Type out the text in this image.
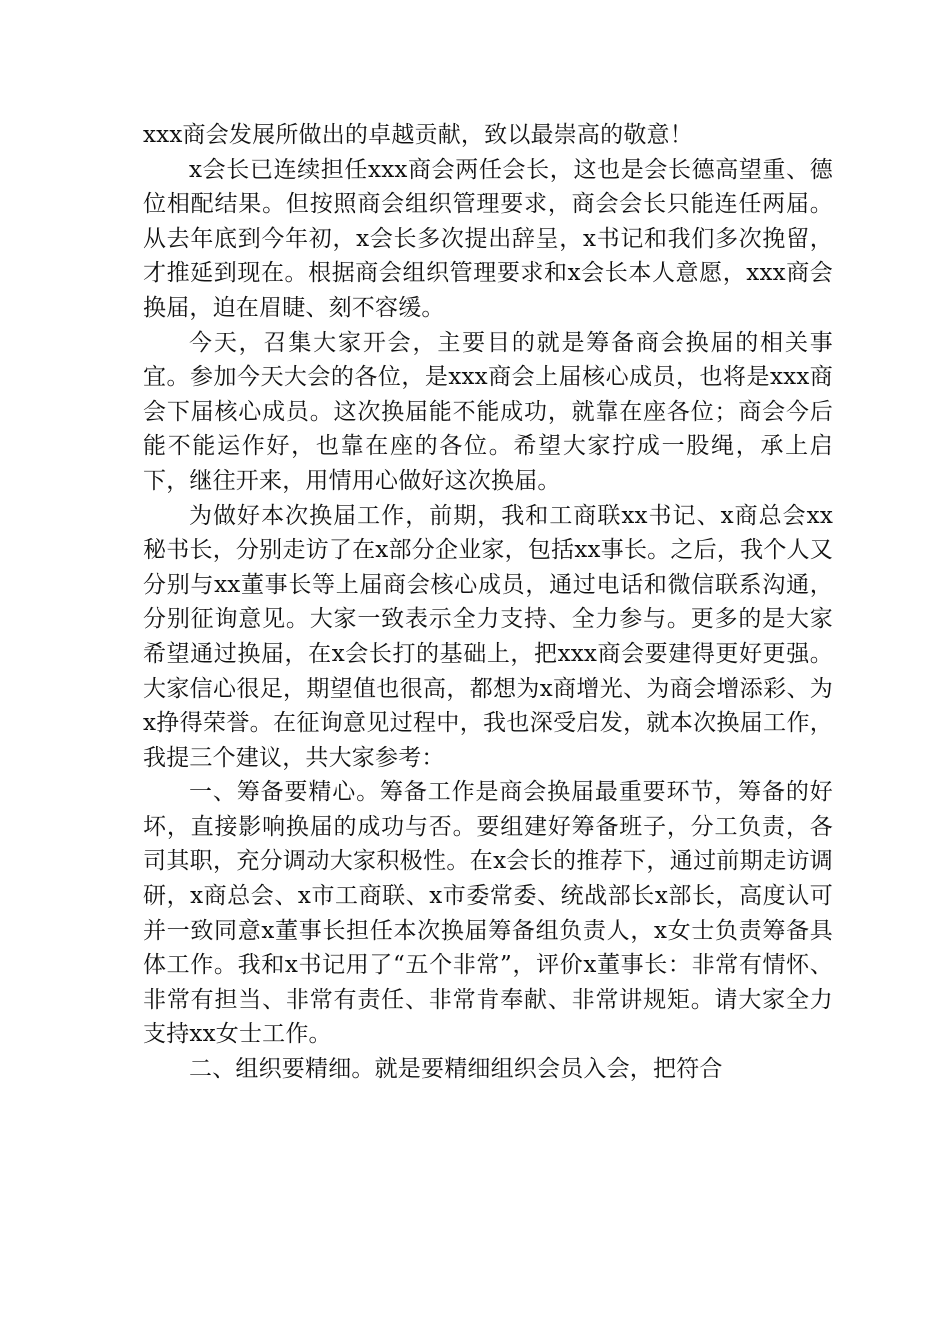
xxx商会发展所做出的卓越贡献，致以最崇高的敬意！

x会长已连续担任xxx商会两任会长，这也是会长德高望重、德位相配结果。但按照商会组织管理要求，商会会长只能连任两届。从去年底到今年初，x会长多次提出辞呈，x书记和我们多次挽留，才推延到现在。根据商会组织管理要求和x会长本人意愿，xxx商会换届，迫在眉睫、刻不容缓。

今天，召集大家开会，主要目的就是筹备商会换届的相关事宜。参加今天大会的各位，是xxx商会上届核心成员，也将是xxx商会下届核心成员。这次换届能不能成功，就靠在座各位；商会今后能不能运作好，也靠在座的各位。希望大家拧成一股绳，承上启下，继往开来，用情用心做好这次换届。

为做好本次换届工作，前期，我和工商联xx书记、x商总会xx秘书长，分别走访了在x部分企业家，包括xx事长。之后，我个人又分别与xx董事长等上届商会核心成员，通过电话和微信联系沟通，分别征询意见。大家一致表示全力支持、全力参与。更多的是大家希望通过换届，在x会长打的基础上，把xxx商会要建得更好更强。大家信心很足，期望值也很高，都想为x商增光、为商会增添彩、为x挣得荣誉。在征询意见过程中，我也深受启发，就本次换届工作，我提三个建议，共大家参考：

一、筹备要精心。筹备工作是商会换届最重要环节，筹备的好坏，直接影响换届的成功与否。要组建好筹备班子，分工负责，各司其职，充分调动大家积极性。在x会长的推荐下，通过前期走访调研，x商总会、x市工商联、x市委常委、统战部长x部长，高度认可并一致同意x董事长担任本次换届筹备组负责人，x女士负责筹备具体工作。我和x书记用了“五个非常”，评价x董事长：非常有情怀、非常有担当、非常有责任、非常肯奉献、非常讲规矩。请大家全力支持xx女士工作。

二、组织要精细。就是要精细组织会员入会，把符合
